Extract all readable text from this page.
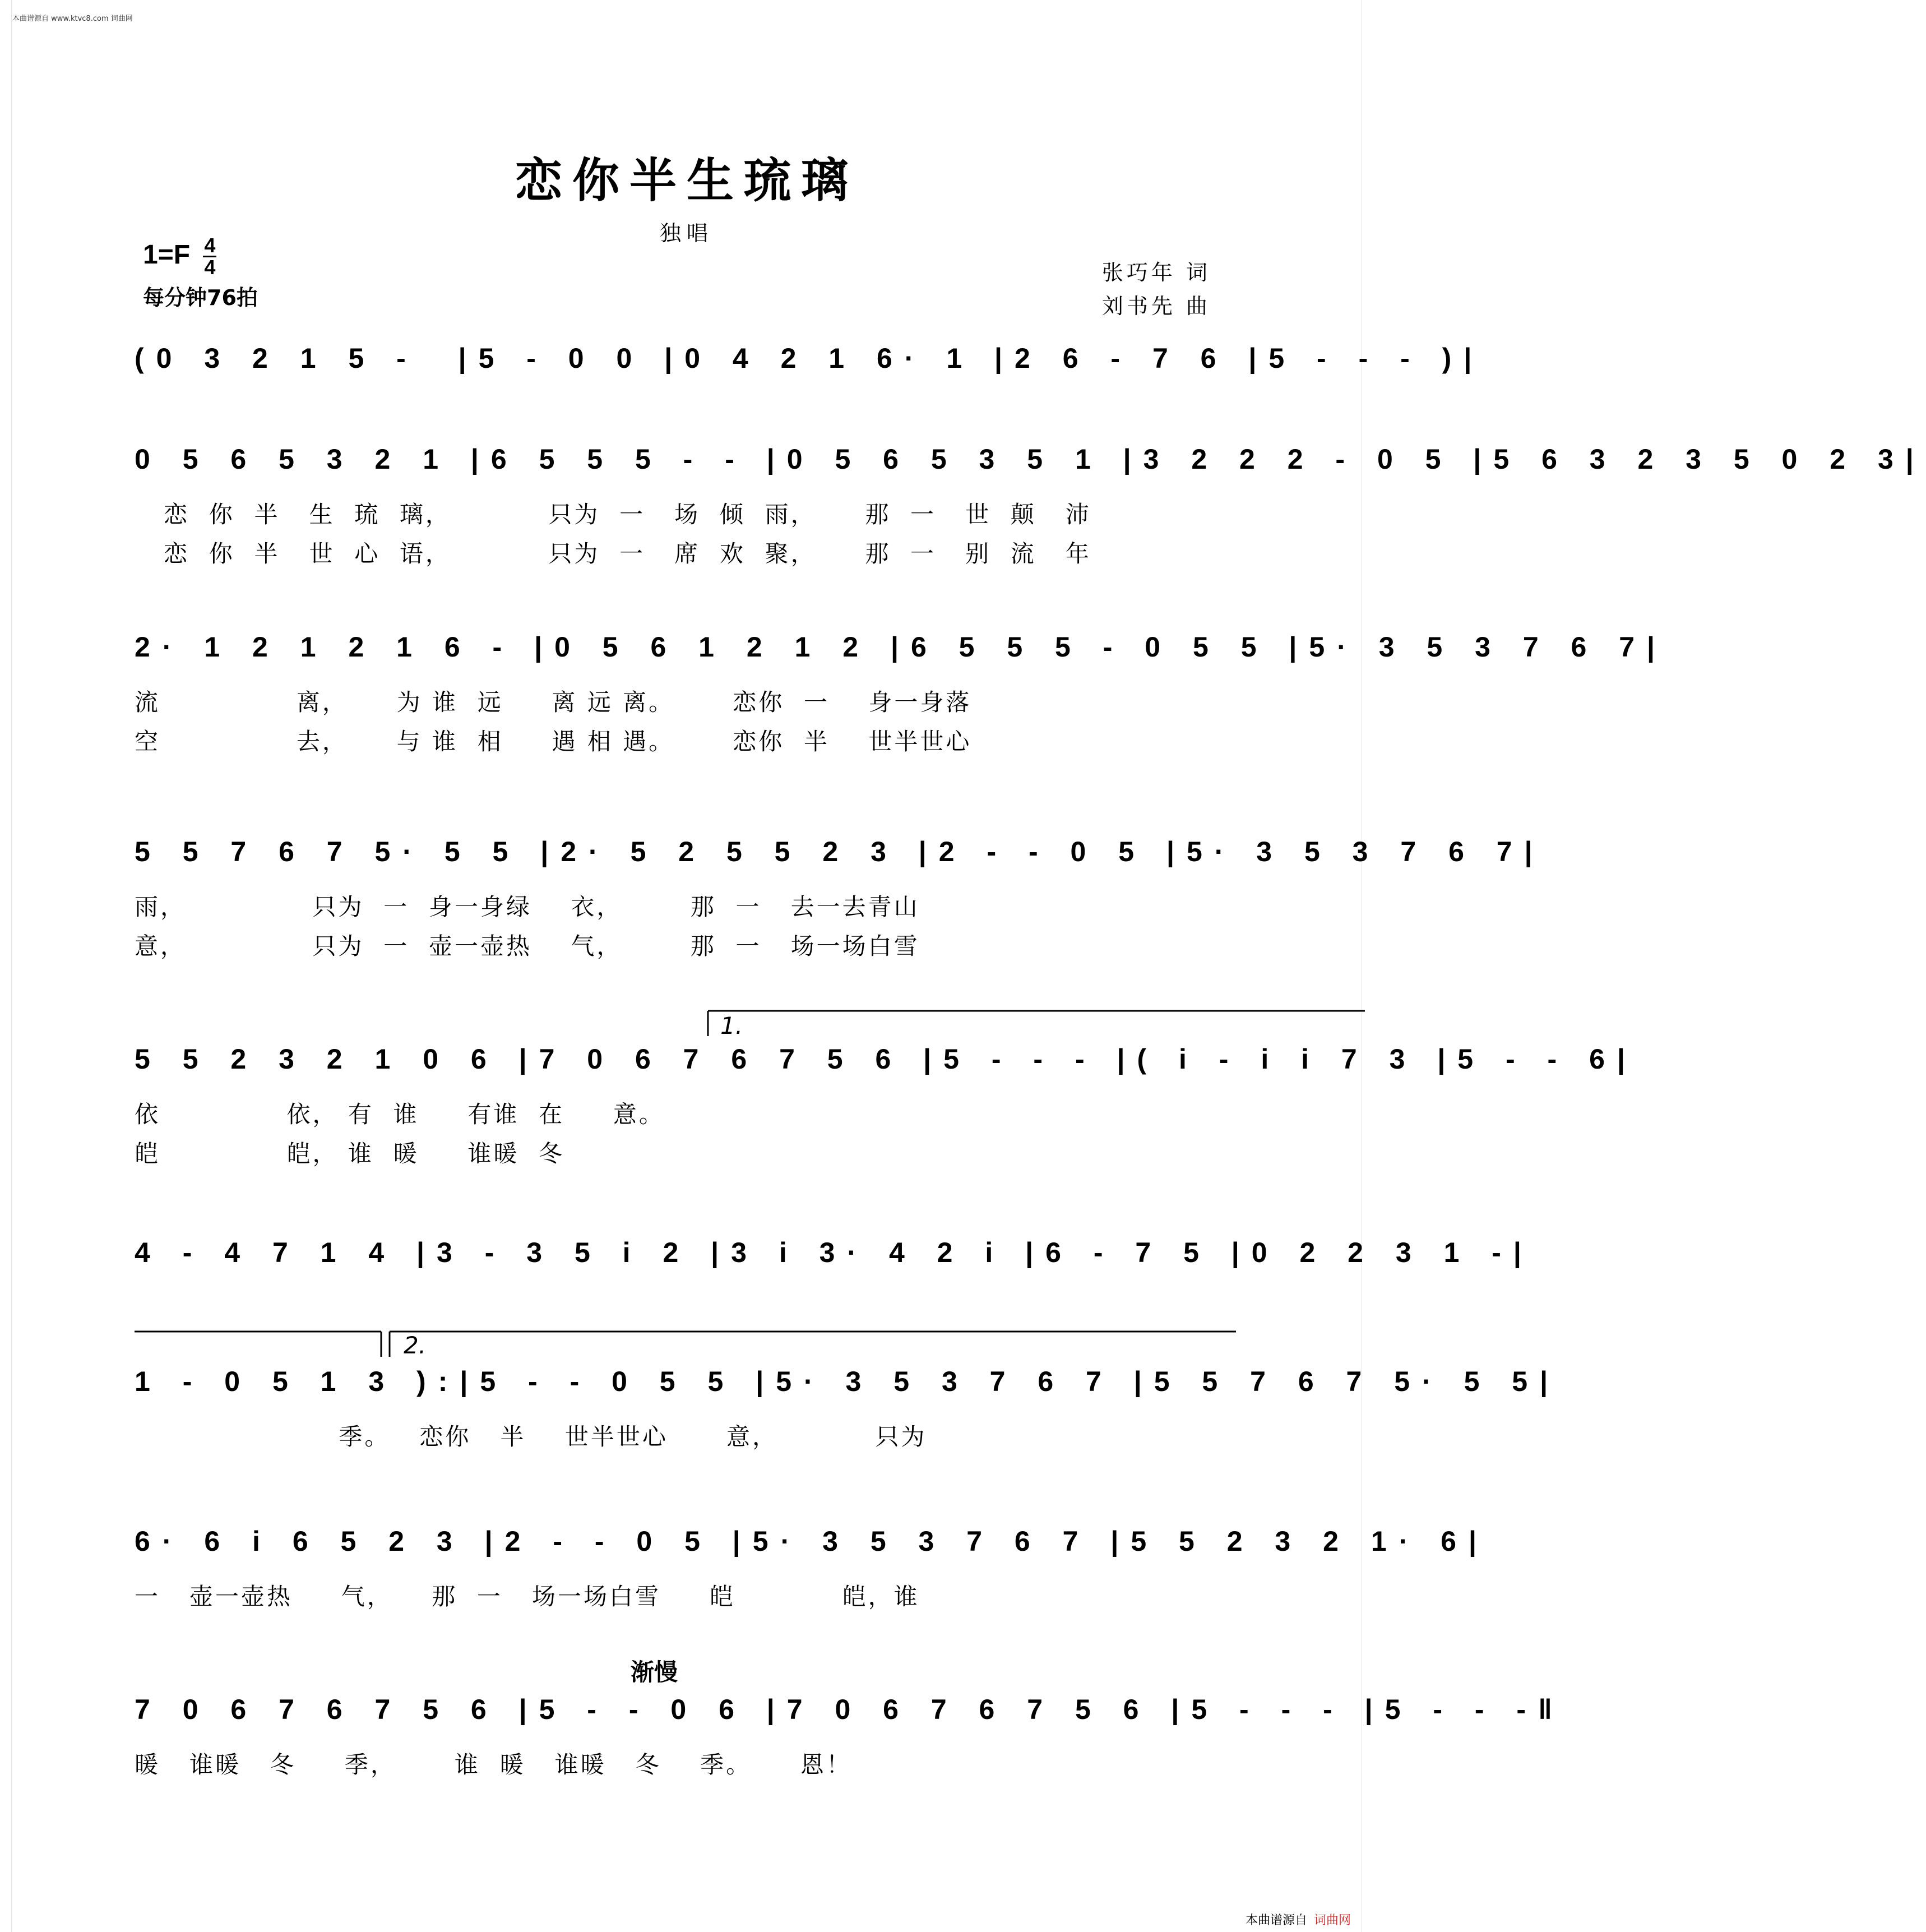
本曲谱源自 www.ktvc8.com 词曲网
恋你半生琉璃
独唱
$1=F \frac{4}{4}$
每分钟76拍
张巧年 词
刘书先 曲
(0 3 2 1 5 -  |5 - 0 0 |0 4 2 1 6· 1 |2 6 - 7 6 |5 - - - )|
0 5 6 5 3 2 1 |6 5 5 5 - - |0 5 6 5 3 5 1 |3 2 2 2 - 0 5 |5 6 3 2 3 5 0 2 3|
恋  你  半   生  琉  璃，          只为  一   场  倾  雨，     那  一   世  颠   沛
恋  你  半   世  心  语，          只为  一   席  欢  聚，     那  一   别  流   年
2· 1 2 1 2 1 6 - |0 5 6 1 2 1 2 |6 5 5 5 - 0 5 5 |5· 3 5 3 7 6 7|
流              离，     为 谁  远     离 远 离。      恋你  一    身一身落
空              去，     与 谁  相     遇 相 遇。      恋你  半    世半世心
5 5 7 6 7 5· 5 5 |2· 5 2 5 5 2 3 |2 - - 0 5 |5· 3 5 3 7 6 7|
雨，             只为  一  身一身绿    衣，       那  一   去一去青山
意，             只为  一  壶一壶热    气，       那  一   场一场白雪
1.
5 5 2 3 2 1 0 6 |7 0 6 7 6 7 5 6 |5 - - - |( i - i i 7 3 |5 - - 6|
依             依， 有  谁     有谁  在     意。
皑             皑， 谁  暖     谁暖  冬
4 - 4 7 1 4 |3 - 3 5 i 2 |3 i 3· 4 2 i |6 - 7 5 |0 2 2 3 1 -|
2.
1 - 0 5 1 3 ):|5 - - 0 5 5 |5· 3 5 3 7 6 7 |5 5 7 6 7 5· 5 5|
季。   恋你   半    世半世心      意，          只为
6· 6 i 6 5 2 3 |2 - - 0 5 |5· 3 5 3 7 6 7 |5 5 2 3 2 1· 6|
一   壶一壶热     气，    那  一   场一场白雪     皑           皑，谁
渐慢
7 0 6 7 6 7 5 6 |5 - - 0 6 |7 0 6 7 6 7 5 6 |5 - - - |5 - - -‖
暖   谁暖   冬     季，      谁  暖   谁暖   冬    季。     恩！
本曲谱源自 词曲网
